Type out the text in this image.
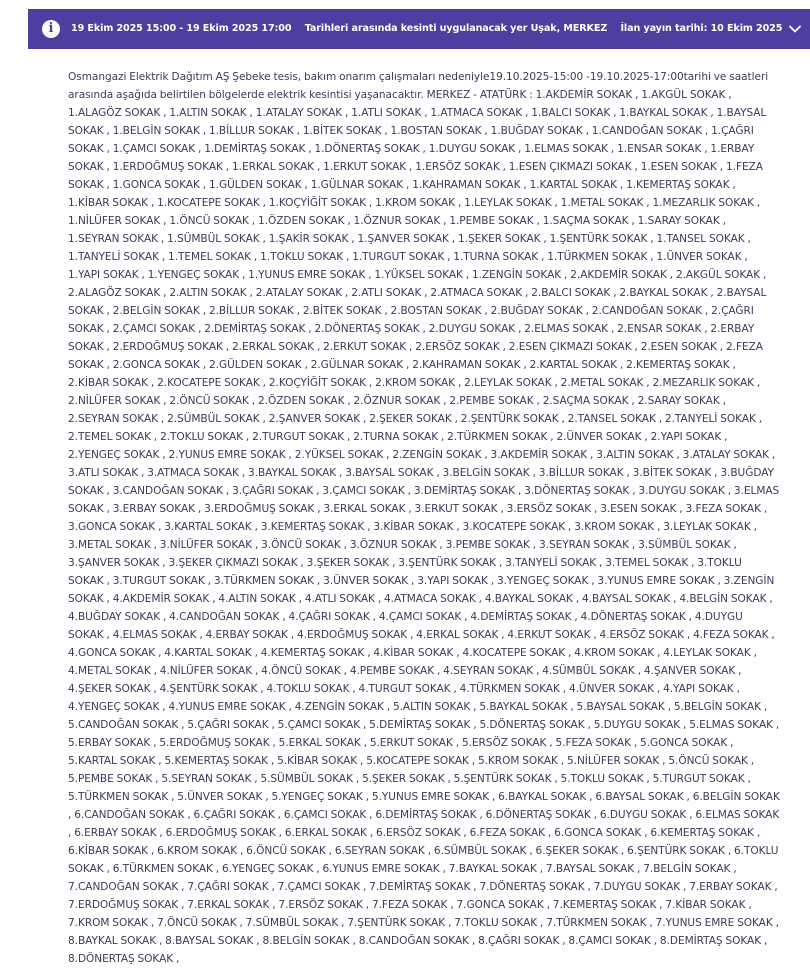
i	19 Ekim 2025 15:00 - 19 Ekim 2025 17:00 Tarihleri arasında kesinti uygulanacak yer Uşak, MERKEZ İlan yayın tarihi: 10 Ekim 2025
Osmangazi Elektrik Dağıtım AŞ Şebeke tesis, bakım onarım çalışmaları nedeniyle19.10.2025-15:00 -19.10.2025-17:00tarihi ve saatleri arasında aşağıda belirtilen bölgelerde elektrik kesintisi yaşanacaktır. MERKEZ - ATATÜRK : 1.AKDEMİR SOKAK , 1.AKGÜL SOKAK , 1.ALAGÖZ SOKAK , 1.ALTIN SOKAK , 1.ATALAY SOKAK , 1.ATLI SOKAK , 1.ATMACA SOKAK , 1.BALCI SOKAK , 1.BAYKAL SOKAK , 1.BAYSAL SOKAK , 1.BELGİN SOKAK , 1.BİLLUR SOKAK , 1.BİTEK SOKAK , 1.BOSTAN SOKAK , 1.BUĞDAY SOKAK , 1.CANDOĞAN SOKAK , 1.ÇAĞRI SOKAK , 1.ÇAMCI SOKAK , 1.DEMİRTAŞ SOKAK , 1.DÖNERTAŞ SOKAK , 1.DUYGU SOKAK , 1.ELMAS SOKAK , 1.ENSAR SOKAK , 1.ERBAY SOKAK , 1.ERDOĞMUŞ SOKAK , 1.ERKAL SOKAK , 1.ERKUT SOKAK , 1.ERSÖZ SOKAK , 1.ESEN ÇIKMAZI SOKAK , 1.ESEN SOKAK , 1.FEZA SOKAK , 1.GONCA SOKAK , 1.GÜLDEN SOKAK , 1.GÜLNAR SOKAK , 1.KAHRAMAN SOKAK , 1.KARTAL SOKAK , 1.KEMERTAŞ SOKAK , 1.KİBAR SOKAK , 1.KOCATEPE SOKAK , 1.KOÇYİĞİT SOKAK , 1.KROM SOKAK , 1.LEYLAK SOKAK , 1.METAL SOKAK , 1.MEZARLIK SOKAK , 1.NİLÜFER SOKAK , 1.ÖNCÜ SOKAK , 1.ÖZDEN SOKAK , 1.ÖZNUR SOKAK , 1.PEMBE SOKAK , 1.SAÇMA SOKAK , 1.SARAY SOKAK , 1.SEYRAN SOKAK , 1.SÜMBÜL SOKAK , 1.ŞAKİR SOKAK , 1.ŞANVER SOKAK , 1.ŞEKER SOKAK , 1.ŞENTÜRK SOKAK , 1.TANSEL SOKAK , 1.TANYELİ SOKAK , 1.TEMEL SOKAK , 1.TOKLU SOKAK , 1.TURGUT SOKAK , 1.TURNA SOKAK , 1.TÜRKMEN SOKAK , 1.ÜNVER SOKAK , 1.YAPI SOKAK , 1.YENGEÇ SOKAK , 1.YUNUS EMRE SOKAK , 1.YÜKSEL SOKAK , 1.ZENGİN SOKAK , 2.AKDEMİR SOKAK , 2.AKGÜL SOKAK , 2.ALAGÖZ SOKAK , 2.ALTIN SOKAK , 2.ATALAY SOKAK , 2.ATLI SOKAK , 2.ATMACA SOKAK , 2.BALCI SOKAK , 2.BAYKAL SOKAK , 2.BAYSAL SOKAK , 2.BELGİN SOKAK , 2.BİLLUR SOKAK , 2.BİTEK SOKAK , 2.BOSTAN SOKAK , 2.BUĞDAY SOKAK , 2.CANDOĞAN SOKAK , 2.ÇAĞRI SOKAK , 2.ÇAMCI SOKAK , 2.DEMİRTAŞ SOKAK , 2.DÖNERTAŞ SOKAK , 2.DUYGU SOKAK , 2.ELMAS SOKAK , 2.ENSAR SOKAK , 2.ERBAY SOKAK , 2.ERDOĞMUŞ SOKAK , 2.ERKAL SOKAK , 2.ERKUT SOKAK , 2.ERSÖZ SOKAK , 2.ESEN ÇIKMAZI SOKAK , 2.ESEN SOKAK , 2.FEZA SOKAK , 2.GONCA SOKAK , 2.GÜLDEN SOKAK , 2.GÜLNAR SOKAK , 2.KAHRAMAN SOKAK , 2.KARTAL SOKAK , 2.KEMERTAŞ SOKAK , 2.KİBAR SOKAK , 2.KOCATEPE SOKAK , 2.KOÇYİĞİT SOKAK , 2.KROM SOKAK , 2.LEYLAK SOKAK , 2.METAL SOKAK , 2.MEZARLIK SOKAK , 2.NİLÜFER SOKAK , 2.ÖNCÜ SOKAK , 2.ÖZDEN SOKAK , 2.ÖZNUR SOKAK , 2.PEMBE SOKAK , 2.SAÇMA SOKAK , 2.SARAY SOKAK , 2.SEYRAN SOKAK , 2.SÜMBÜL SOKAK , 2.ŞANVER SOKAK , 2.ŞEKER SOKAK , 2.ŞENTÜRK SOKAK , 2.TANSEL SOKAK , 2.TANYELİ SOKAK , 2.TEMEL SOKAK , 2.TOKLU SOKAK , 2.TURGUT SOKAK , 2.TURNA SOKAK , 2.TÜRKMEN SOKAK , 2.ÜNVER SOKAK , 2.YAPI SOKAK , 2.YENGEÇ SOKAK , 2.YUNUS EMRE SOKAK , 2.YÜKSEL SOKAK , 2.ZENGİN SOKAK , 3.AKDEMİR SOKAK , 3.ALTIN SOKAK , 3.ATALAY SOKAK , 3.ATLI SOKAK , 3.ATMACA SOKAK , 3.BAYKAL SOKAK , 3.BAYSAL SOKAK , 3.BELGİN SOKAK , 3.BİLLUR SOKAK , 3.BİTEK SOKAK , 3.BUĞDAY SOKAK , 3.CANDOĞAN SOKAK , 3.ÇAĞRI SOKAK , 3.ÇAMCI SOKAK , 3.DEMİRTAŞ SOKAK , 3.DÖNERTAŞ SOKAK , 3.DUYGU SOKAK , 3.ELMAS SOKAK , 3.ERBAY SOKAK , 3.ERDOĞMUŞ SOKAK , 3.ERKAL SOKAK , 3.ERKUT SOKAK , 3.ERSÖZ SOKAK , 3.ESEN SOKAK , 3.FEZA SOKAK , 3.GONCA SOKAK , 3.KARTAL SOKAK , 3.KEMERTAŞ SOKAK , 3.KİBAR SOKAK , 3.KOCATEPE SOKAK , 3.KROM SOKAK , 3.LEYLAK SOKAK , 3.METAL SOKAK , 3.NİLÜFER SOKAK , 3.ÖNCÜ SOKAK , 3.ÖZNUR SOKAK , 3.PEMBE SOKAK , 3.SEYRAN SOKAK , 3.SÜMBÜL SOKAK , 3.ŞANVER SOKAK , 3.ŞEKER ÇIKMAZI SOKAK , 3.ŞEKER SOKAK , 3.ŞENTÜRK SOKAK , 3.TANYELİ SOKAK , 3.TEMEL SOKAK , 3.TOKLU SOKAK , 3.TURGUT SOKAK , 3.TÜRKMEN SOKAK , 3.ÜNVER SOKAK , 3.YAPI SOKAK , 3.YENGEÇ SOKAK , 3.YUNUS EMRE SOKAK , 3.ZENGİN SOKAK , 4.AKDEMİR SOKAK , 4.ALTIN SOKAK , 4.ATLI SOKAK , 4.ATMACA SOKAK , 4.BAYKAL SOKAK , 4.BAYSAL SOKAK , 4.BELGİN SOKAK , 4.BUĞDAY SOKAK , 4.CANDOĞAN SOKAK , 4.ÇAĞRI SOKAK , 4.ÇAMCI SOKAK , 4.DEMİRTAŞ SOKAK , 4.DÖNERTAŞ SOKAK , 4.DUYGU SOKAK , 4.ELMAS SOKAK , 4.ERBAY SOKAK , 4.ERDOĞMUŞ SOKAK , 4.ERKAL SOKAK , 4.ERKUT SOKAK , 4.ERSÖZ SOKAK , 4.FEZA SOKAK , 4.GONCA SOKAK , 4.KARTAL SOKAK , 4.KEMERTAŞ SOKAK , 4.KİBAR SOKAK , 4.KOCATEPE SOKAK , 4.KROM SOKAK , 4.LEYLAK SOKAK , 4.METAL SOKAK , 4.NİLÜFER SOKAK , 4.ÖNCÜ SOKAK , 4.PEMBE SOKAK , 4.SEYRAN SOKAK , 4.SÜMBÜL SOKAK , 4.ŞANVER SOKAK , 4.ŞEKER SOKAK , 4.ŞENTÜRK SOKAK , 4.TOKLU SOKAK , 4.TURGUT SOKAK , 4.TÜRKMEN SOKAK , 4.ÜNVER SOKAK , 4.YAPI SOKAK , 4.YENGEÇ SOKAK , 4.YUNUS EMRE SOKAK , 4.ZENGİN SOKAK , 5.ALTIN SOKAK , 5.BAYKAL SOKAK , 5.BAYSAL SOKAK , 5.BELGİN SOKAK , 5.CANDOĞAN SOKAK , 5.ÇAĞRI SOKAK , 5.ÇAMCI SOKAK , 5.DEMİRTAŞ SOKAK , 5.DÖNERTAŞ SOKAK , 5.DUYGU SOKAK , 5.ELMAS SOKAK , 5.ERBAY SOKAK , 5.ERDOĞMUŞ SOKAK , 5.ERKAL SOKAK , 5.ERKUT SOKAK , 5.ERSÖZ SOKAK , 5.FEZA SOKAK , 5.GONCA SOKAK , 5.KARTAL SOKAK , 5.KEMERTAŞ SOKAK , 5.KİBAR SOKAK , 5.KOCATEPE SOKAK , 5.KROM SOKAK , 5.NİLÜFER SOKAK , 5.ÖNCÜ SOKAK , 5.PEMBE SOKAK , 5.SEYRAN SOKAK , 5.SÜMBÜL SOKAK , 5.ŞEKER SOKAK , 5.ŞENTÜRK SOKAK , 5.TOKLU SOKAK , 5.TURGUT SOKAK , 5.TÜRKMEN SOKAK , 5.ÜNVER SOKAK , 5.YENGEÇ SOKAK , 5.YUNUS EMRE SOKAK , 6.BAYKAL SOKAK , 6.BAYSAL SOKAK , 6.BELGİN SOKAK , 6.CANDOĞAN SOKAK , 6.ÇAĞRI SOKAK , 6.ÇAMCI SOKAK , 6.DEMİRTAŞ SOKAK , 6.DÖNERTAŞ SOKAK , 6.DUYGU SOKAK , 6.ELMAS SOKAK , 6.ERBAY SOKAK , 6.ERDOĞMUŞ SOKAK , 6.ERKAL SOKAK , 6.ERSÖZ SOKAK , 6.FEZA SOKAK , 6.GONCA SOKAK , 6.KEMERTAŞ SOKAK , 6.KİBAR SOKAK , 6.KROM SOKAK , 6.ÖNCÜ SOKAK , 6.SEYRAN SOKAK , 6.SÜMBÜL SOKAK , 6.ŞEKER SOKAK , 6.ŞENTÜRK SOKAK , 6.TOKLU SOKAK , 6.TÜRKMEN SOKAK , 6.YENGEÇ SOKAK , 6.YUNUS EMRE SOKAK , 7.BAYKAL SOKAK , 7.BAYSAL SOKAK , 7.BELGİN SOKAK , 7.CANDOĞAN SOKAK , 7.ÇAĞRI SOKAK , 7.ÇAMCI SOKAK , 7.DEMİRTAŞ SOKAK , 7.DÖNERTAŞ SOKAK , 7.DUYGU SOKAK , 7.ERBAY SOKAK , 7.ERDOĞMUŞ SOKAK , 7.ERKAL SOKAK , 7.ERSÖZ SOKAK , 7.FEZA SOKAK , 7.GONCA SOKAK , 7.KEMERTAŞ SOKAK , 7.KİBAR SOKAK , 7.KROM SOKAK , 7.ÖNCÜ SOKAK , 7.SÜMBÜL SOKAK , 7.ŞENTÜRK SOKAK , 7.TOKLU SOKAK , 7.TÜRKMEN SOKAK , 7.YUNUS EMRE SOKAK , 8.BAYKAL SOKAK , 8.BAYSAL SOKAK , 8.BELGİN SOKAK , 8.CANDOĞAN SOKAK , 8.ÇAĞRI SOKAK , 8.ÇAMCI SOKAK , 8.DEMİRTAŞ SOKAK , 8.DÖNERTAŞ SOKAK ,
